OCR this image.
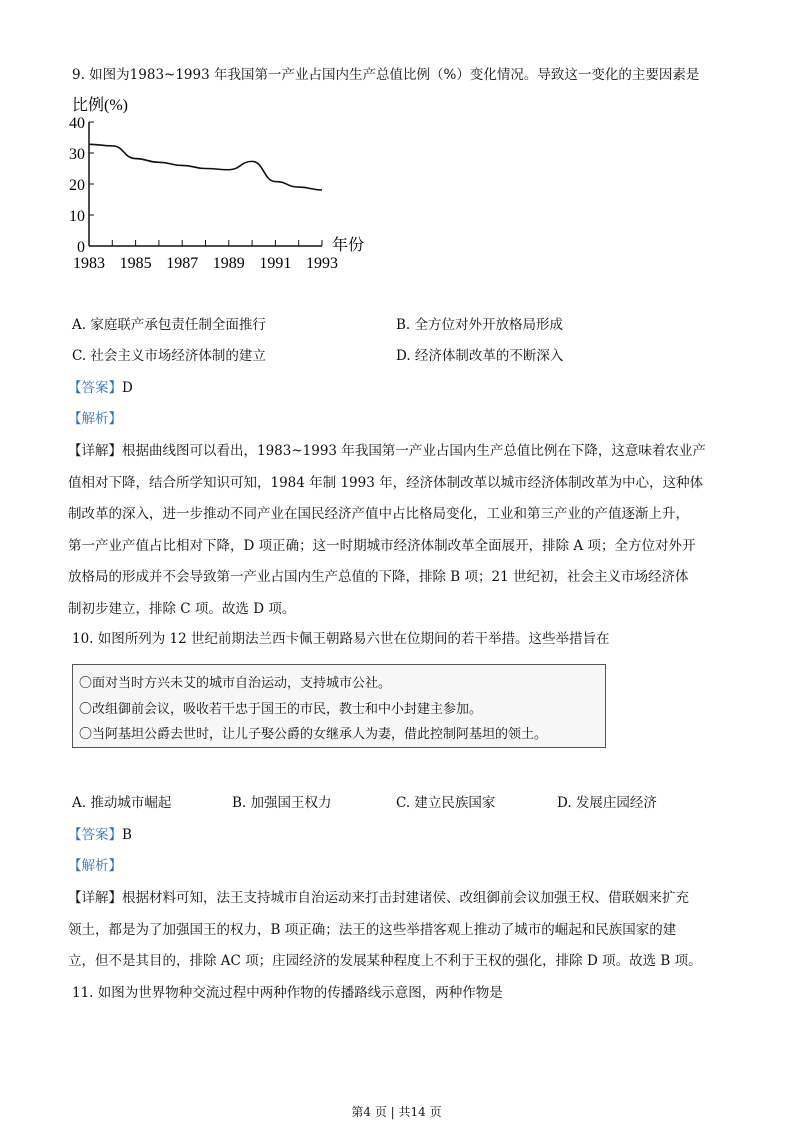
9. 如图为1983~1993 年我国第一产业占国内生产总值比例（%）变化情况。导致这一变化的主要因素是
比例(%)
年份
0
10
20
30
40
1983 1985 1987 1989 1991 1993
A. 家庭联产承包责任制全面推行	B. 全方位对外开放格局形成
C. 社会主义市场经济体制的建立	D. 经济体制改革的不断深入
【答案】D
【解析】
【详解】根据曲线图可以看出，1983~1993 年我国第一产业占国内生产总值比例在下降，这意味着农业产
值相对下降，结合所学知识可知，1984 年制 1993 年，经济体制改革以城市经济体制改革为中心，这种体
制改革的深入，进一步推动不同产业在国民经济产值中占比格局变化，工业和第三产业的产值逐渐上升，
第一产业产值占比相对下降，D 项正确；这一时期城市经济体制改革全面展开，排除 A 项；全方位对外开
放格局的形成并不会导致第一产业占国内生产总值的下降，排除 B 项；21 世纪初，社会主义市场经济体
制初步建立，排除 C 项。故选 D 项。
10. 如图所列为 12 世纪前期法兰西卡佩王朝路易六世在位期间的若干举措。这些举措旨在
〇面对当时方兴未艾的城市自治运动，支持城市公社。
〇改组御前会议，吸收若干忠于国王的市民，教士和中小封建主参加。
〇当阿基坦公爵去世时，让儿子娶公爵的女继承人为妻，借此控制阿基坦的领土。
A. 推动城市崛起	B. 加强国王权力	C. 建立民族国家	D. 发展庄园经济
【答案】B
【解析】
【详解】根据材料可知，法王支持城市自治运动来打击封建诸侯、改组御前会议加强王权、借联姻来扩充
领土，都是为了加强国王的权力，B 项正确；法王的这些举措客观上推动了城市的崛起和民族国家的建
立，但不是其目的，排除 AC 项；庄园经济的发展某种程度上不利于王权的强化，排除 D 项。故选 B 项。
11. 如图为世界物种交流过程中两种作物的传播路线示意图，两种作物是
第4 页 | 共14 页
